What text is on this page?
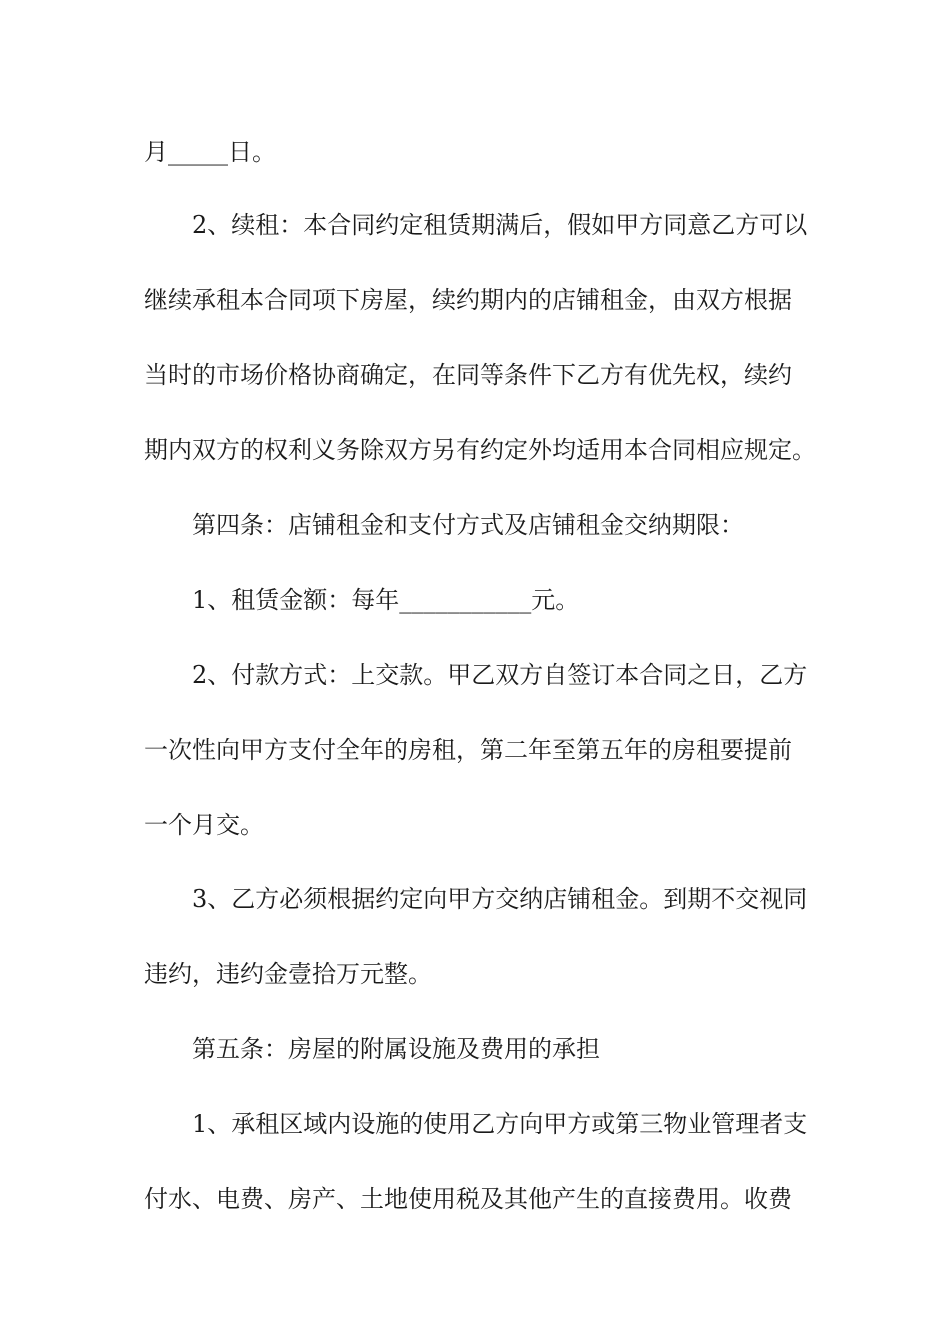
月_____日。
2、续租：本合同约定租赁期满后，假如甲方同意乙方可以
继续承租本合同项下房屋，续约期内的店铺租金，由双方根据
当时的市场价格协商确定，在同等条件下乙方有优先权，续约
期内双方的权利义务除双方另有约定外均适用本合同相应规定。
第四条：店铺租金和支付方式及店铺租金交纳期限：
1、租赁金额：每年___________元。
2、付款方式：上交款。甲乙双方自签订本合同之日，乙方
一次性向甲方支付全年的房租，第二年至第五年的房租要提前
一个月交。
3、乙方必须根据约定向甲方交纳店铺租金。到期不交视同
违约，违约金壹拾万元整。
第五条：房屋的附属设施及费用的承担
1、承租区域内设施的使用乙方向甲方或第三物业管理者支
付水、电费、房产、土地使用税及其他产生的直接费用。收费
